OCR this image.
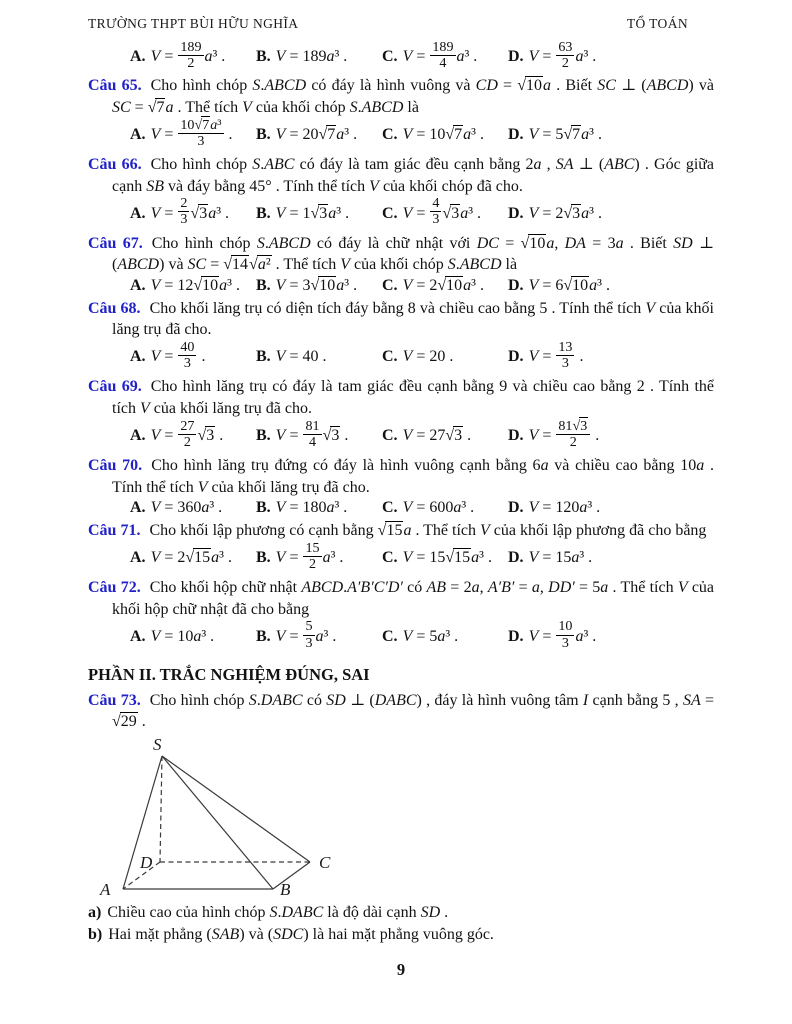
TRƯỜNG THPT BÙI HỮU NGHĨA	TỔ TOÁN
A. $V = \frac{189}{2} a^3$ .	B. V = 189a³ .	C. $V = \frac{189}{4} a^3$ .	D. $V = \frac{63}{2} a^3$ .
Câu 65. Cho hình chóp S.ABCD có đáy là hình vuông và CD = √10a . Biết SC ⊥ (ABCD) và SC = √7a . Thể tích V của khối chóp S.ABCD là
A. $V = \frac{\text{10√7a³}}{3}$ .	B. V = 20√7a³ .	C. V = 10√7a³ .	D. V = 5√7a³ .
Câu 66. Cho hình chóp S.ABC có đáy là tam giác đều cạnh bằng 2a , SA ⊥ (ABC) . Góc giữa cạnh SB và đáy bằng 45° . Tính thể tích V của khối chóp đã cho.
A. $V = \frac{2}{3} √3a^3$ .	B. V = 1√3a³ .	C. $V = \frac{4}{3} √3a^3$ .	D. V = 2√3a³ .
Câu 67. Cho hình chóp S.ABCD có đáy là chữ nhật với DC = √10a, DA = 3a . Biết SD ⊥ (ABCD) và SC = √14√a² . Thể tích V của khối chóp S.ABCD là
A. V = 12√10a³ .	B. V = 3√10a³ .	C. V = 2√10a³ .	D. V = 6√10a³ .
Câu 68. Cho khối lăng trụ có diện tích đáy bằng 8 và chiều cao bằng 5 . Tính thể tích V của khối lăng trụ đã cho.
A. $V = \frac{40}{3}$ .	B. V = 40 .	C. V = 20 .	D. $V = \frac{13}{3}$ .
Câu 69. Cho hình lăng trụ có đáy là tam giác đều cạnh bằng 9 và chiều cao bằng 2 . Tính thể tích V của khối lăng trụ đã cho.
A. $V = \frac{27}{2} √3$ .	B. $V = \frac{81}{4} √3$ .	C. V = 27√3 .	D. $V = \frac{81√3}{2}$ .
Câu 70. Cho hình lăng trụ đứng có đáy là hình vuông cạnh bằng 6a và chiều cao bằng 10a . Tính thể tích V của khối lăng trụ đã cho.
A. V = 360a³ .	B. V = 180a³ .	C. V = 600a³ .	D. V = 120a³ .
Câu 71. Cho khối lập phương có cạnh bằng √15a . Thể tích V của khối lập phương đã cho bằng
A. V = 2√15a³ .	B. $V = \frac{15}{2} a^3$ .	C. V = 15√15a³ .	D. V = 15a³ .
Câu 72. Cho khối hộp chữ nhật ABCD.A′B′C′D′ có AB = 2a, A′B′ = a, DD′ = 5a . Thể tích V của khối hộp chữ nhật đã cho bằng
A. V = 10a³ .	B. $V = \frac{5}{3} a^3$ .	C. V = 5a³ .	D. $V = \frac{10}{3} a^3$ .
PHẦN II. TRẮC NGHIỆM ĐÚNG, SAI
Câu 73. Cho hình chóp S.DABC có SD ⊥ (DABC) , đáy là hình vuông tâm I cạnh bằng 5 , SA = √29 .
S
A	B
C
D
a) Chiều cao của hình chóp S.DABC là độ dài cạnh SD .
b) Hai mặt phẳng (SAB) và (SDC) là hai mặt phẳng vuông góc.
9
